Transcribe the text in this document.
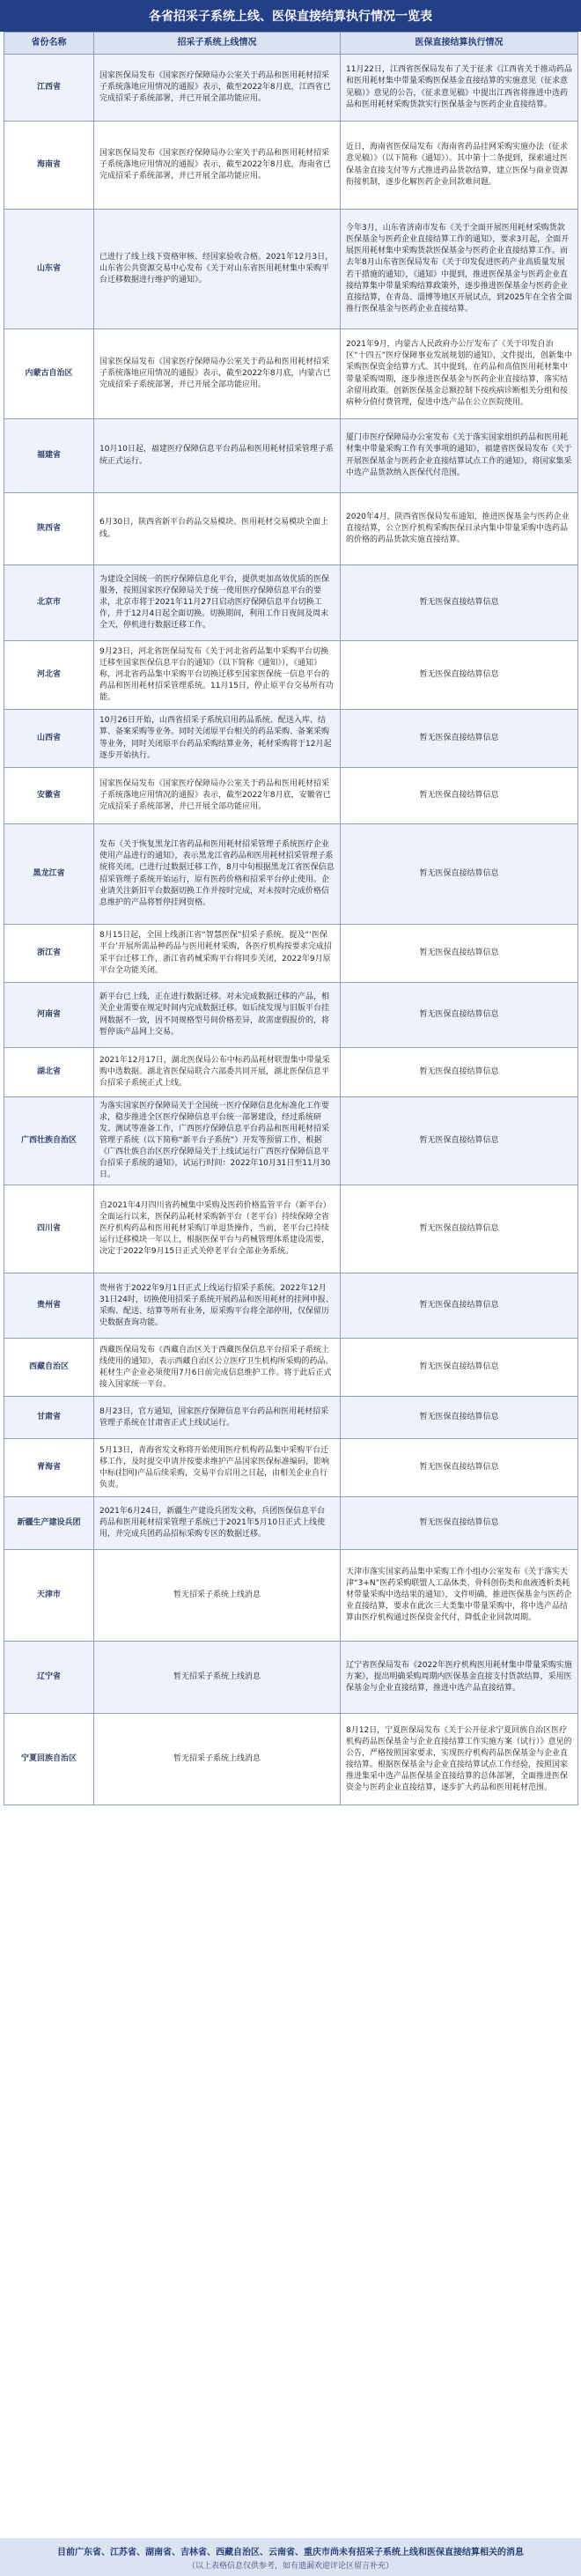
各省招采子系统上线、医保直接结算执行情况一览表
省份名称	招采子系统上线情况	医保直接结算执行情况
江西省	国家医保局发布《国家医疗保障局办公室关于药品和医用耗材招采子系统落地应用情况的通报》表示，截至2022年8月底，江西省已完成招采子系统部署，并已开展全部功能应用。	11月22日，江西省医保局发布了关于征求《江西省关于推动药品和医用耗材集中带量采购医保基金直接结算的实施意见（征求意见稿）》意见的公告，《征求意见稿》中提出江西省将推进中选药品和医用耗材采购货款实行医保基金与医药企业直接结算。
海南省	国家医保局发布《国家医疗保障局办公室关于药品和医用耗材招采子系统落地应用情况的通报》表示，截至2022年8月底，海南省已完成招采子系统部署，并已开展全部功能应用。	近日，海南省医保局发布《海南省药品挂网采购实施办法（征求意见稿）》（以下简称《通知》）。其中第十二条提到，探索通过医保基金直接支付等方式推进药品货款结算，建立医保与商业资源衔接机制，逐步化解医药企业回款难问题。
山东省	已进行了线上线下资格审核、经国家验收合格。2021年12月3日，山东省公共资源交易中心发布《关于对山东省医用耗材集中采购平台迁移数据进行维护的通知》。	今年3月，山东省济南市发布《关于全面开展医用耗材采购货款医保基金与医药企业直接结算工作的通知》，要求3月起，全面开展医用耗材集中采购货款医保基金与医药企业直接结算工作。而去年8月山东省医保局发布《关于印发促进医药产业高质量发展若干措施的通知》，《通知》中提到，推进医保基金与医药企业直接结算集中带量采购结算政策外，逐步推进医保基金与医药企业直接结算，在青岛、淄博等地区开展试点，到2025年在全省全面推行医保基金与医药企业直接结算。
内蒙古自治区	国家医保局发布《国家医疗保障局办公室关于药品和医用耗材招采子系统落地应用情况的通报》表示，截至2022年8月底，内蒙古已完成招采子系统部署，并已开展全部功能应用。	2021年9月，内蒙古人民政府办公厅发布了《关于印发自治区“十四五”医疗保障事业发展规划的通知》，文件提出，创新集中采购医保资金结算方式。其中提到，在药品和高值医用耗材集中带量采购周期，逐步推进医保基金与医药企业直接结算，落实结余留用政策。创新医保基金总额控制下按疾病诊断相关分组和按病种分值付费管理，促进中选产品在公立医院使用。
福建省	10月10日起，福建医疗保障信息平台药品和医用耗材招采管理子系统正式运行。	厦门市医疗保障局办公室发布《关于落实国家组织药品和医用耗材集中带量采购工作有关事项的通知》，福建省医保局发布《关于开展医保基金与医药企业直接结算试点工作的通知》，将国家集采中选产品货款纳入医保代付范围。
陕西省	6月30日，陕西省新平台药品交易模块、医用耗材交易模块全面上线。	2020年4月，陕西省医保局发布通知，推进医保基金与医药企业直接结算，公立医疗机构采购医保目录内集中带量采购中选药品的价格的药品货款实施直接结算。
北京市	为建设全国统一的医疗保障信息化平台，提供更加高效优质的医保服务，按照国家医疗保障局关于统一使用医疗保障信息平台的要求，北京市将于2021年11月27日启动医疗保障信息平台切换工作，并于12月4日起全面切换。切换期间，利用工作日夜间及周末全天，停机进行数据迁移工作。	暂无医保直接结算信息
河北省	9月23日，河北省医保局发布《关于河北省药品集中采购平台切换迁移至国家医保信息平台的通知》（以下简称《通知》），《通知》称，河北省药品集中采购平台切换迁移至国家医保统一信息平台的药品和医用耗材招采管理系统。11月15日，停止原平台交易所有功能。	暂无医保直接结算信息
山西省	10月26日开始，山西省招采子系统启用药品系统、配送入库、结算、备案采购等业务。同时关闭原平台相关的药品采购、备案采购等业务，同时关闭原平台药品采购结算业务，耗材采购将于12月起逐步开始执行。	暂无医保直接结算信息
安徽省	国家医保局发布《国家医疗保障局办公室关于药品和医用耗材招采子系统落地应用情况的通报》表示，截至2022年8月底，安徽省已完成招采子系统部署，并已开展全部功能应用。	暂无医保直接结算信息
黑龙江省	发布《关于恢复黑龙江省药品和医用耗材招采管理子系统医疗企业使用产品进行的通知》，表示黑龙江省药品和医用耗材招采管理子系统将关闭。已进行过数据迁移工作，8月中旬根据黑龙江省医保信息招采管理子系统开始运行，原有医药价格和招采平台停止使用。企业请关注新旧平台数据切换工作并按时完成，对未按时完成价格信息维护的产品将暂停挂网资格。	暂无医保直接结算信息
浙江省	8月15日起，全国上线浙江省“智慧医保”招采子系统。提及“‘医保平台’开展所需品种药品与医用耗材采购，各医疗机构按要求完成招采平台迁移工作，浙江省药械采购平台将同步关闭，2022年9月原平台全功能关闭。	暂无医保直接结算信息
河南省	新平台已上线，正在进行数据迁移。对未完成数据迁移的产品，相关企业需要在规定时间内完成数据迁移。如后续发现与旧版平台挂网数据不一致，因不同规格型号间价格差异，故需虚假报价的，将暂停该产品网上交易。	暂无医保直接结算信息
湖北省	2021年12月17日，湖北医保局公布中标药品耗材联盟集中带量采购中选数据。湖北省医保局联合六部委共同开展，湖北医保信息平台招采子系统正式上线。	暂无医保直接结算信息
广西壮族自治区	为落实国家医疗保障局关于全国统一医疗保障信息化标准化工作要求，稳步推进全区医疗保障信息平台统一部署建设，经过系统研发、测试等准备工作，广西医疗保障信息平台药品和医用耗材招采管理子系统（以下简称“新平台子系统”）开发等预留工作，根据《广西壮族自治区医疗保障局关于上线试运行广西医疗保障信息平台招采子系统的通知》，试运行时间：2022年10月31日至11月30日。	暂无医保直接结算信息
四川省	自2021年4月四川省药械集中采购及医药价格监管平台（新平台）全面运行以来，医保药品耗材采购新平台（老平台）持续保障全省医疗机构药品和医用耗材采购订单退货操作，当前，老平台已持续运行迁移模块一年以上，根据医保平台与药械管理体系建设需要，决定于2022年9月15日正式关停老平台全部业务系统。	暂无医保直接结算信息
贵州省	贵州省于2022年9月1日正式上线运行招采子系统。2022年12月31日24时，切换使用招采子系统开展药品和医用耗材的挂网申报、采购、配送、结算等所有业务，原采购平台将全部停用，仅保留历史数据查询功能。	暂无医保直接结算信息
西藏自治区	西藏医保局发布《西藏自治区关于西藏医保信息平台招采子系统上线使用的通知》，表示西藏自治区公立医疗卫生机构所采购的药品、耗材生产企业必须使用7月6日前完成信息维护工作。将于此后正式接入国家统一平台。	暂无医保直接结算信息
甘肃省	8月23日，官方通知，国家医疗保障信息平台药品和医用耗材招采管理子系统在甘肃省正式上线试运行。	暂无医保直接结算信息
青海省	5月13日，青海省发文称将开始使用医疗机构药品集中采购平台迁移工作，及时提交申请并按要求维护产品国家医保标准编码，影响中标(挂网)产品后续采购，交易平台启用之日起，由相关企业自行负责。	暂无医保直接结算信息
新疆生产建设兵团	2021年6月24日，新疆生产建设兵团发文称，兵团医保信息平台 药品和医用耗材招采管理子系统已于2021年5月10日正式上线使用，并完成兵团药品招标采购专区的数据迁移。	暂无医保直接结算信息
天津市	暂无招采子系统上线消息	天津市落实国家药品集中采购工作小组办公室发布《关于落实天津“3+N”医药采购联盟人工晶体类、骨科创伤类和血液透析类耗材带量采购中选结果的通知》，文件明确，推进医保基金与医药企业直接结算，要求在此次三大类集中带量采购中，将中选产品结算由医疗机构通过医保资金代付，降低企业回款周期。
辽宁省	暂无招采子系统上线消息	辽宁省医保局发布《2022年医疗机构医用耗材集中带量采购实施方案》，提出明确采购周期内医保基金直接支付货款结算，采用医保基金与企业直接结算，推进中选产品直接结算。
宁夏回族自治区	暂无招采子系统上线消息	8月12日，宁夏医保局发布《关于公开征求宁夏回族自治区医疗机构药品医保基金与企业直接结算工作实施方案（试行）》意见的公告，严格按照国家要求，实现医疗机构药品医保基金与企业直接结算。根据医保基金与企业直接结算试点工作经验，按照国家推进集采中选产品医保基金直接结算的总体部署，全面推进医保资金与医药企业直接结算，逐步扩大药品和医用耗材范围。
目前广东省、江苏省、湖南省、吉林省、西藏自治区、云南省、重庆市尚未有招采子系统上线和医保直接结算相关的消息
（以上表格信息仅供参考，如有遗漏欢迎评论区留言补充）
